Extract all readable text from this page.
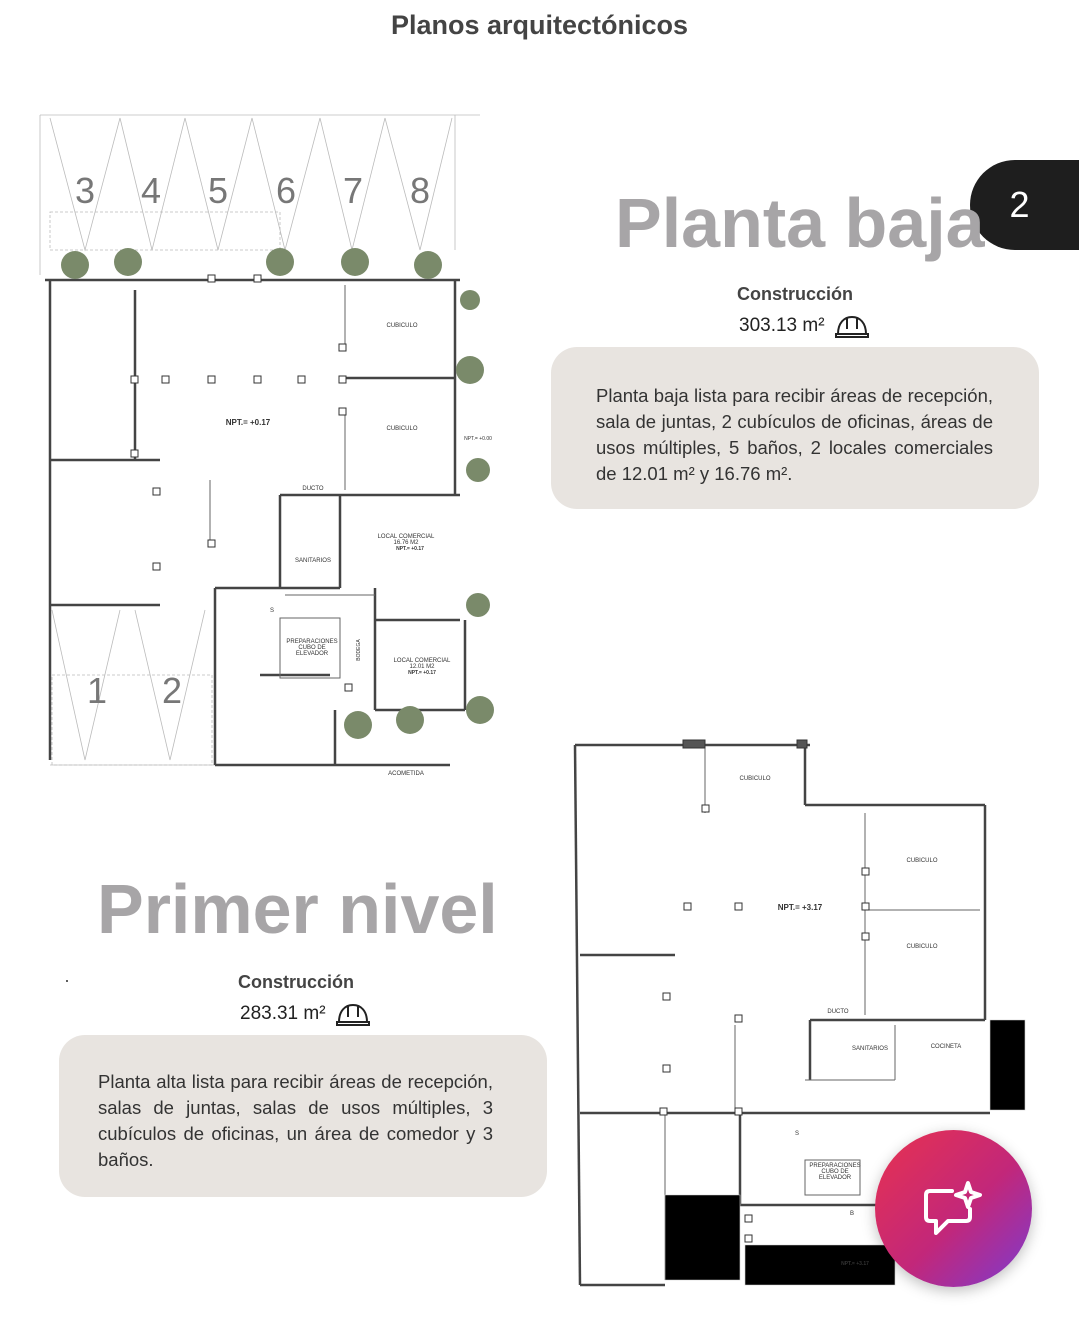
Planos arquitectónicos
2
3 4 5 6 7 8
1 2
CUBICULO
CUBICULO
NPT.= +0.17
NPT.= +0.00
DUCTO
SANITARIOS
LOCAL COMERCIAL
16.76 M2
NPT.= +0.17
PREPARACIONES
CUBO DE
ELEVADOR	BODEGA
LOCAL COMERCIAL
12.01 M2
NPT.= +0.17
ACOMETIDA
S
Planta baja
Construcción
303.13 m²
Planta baja lista para recibir áreas de recepción, sala de juntas, 2 cubículos de oficinas, áreas de usos múltiples, 5 baños, 2 locales comerciales de 12.01 m² y 16.76 m².
Primer nivel
·	Construcción
283.31 m²
Planta alta lista para recibir áreas de recepción, salas de juntas, salas de usos múltiples, 3 cubículos de oficinas, un área de comedor y 3 baños.
CUBICULO
CUBICULO
CUBICULO
NPT.= +3.17
DUCTO
SANITARIOS	COCINETA
PREPARACIONES
CUBO DE
ELEVADOR
NPT.= +3.17
S
B
